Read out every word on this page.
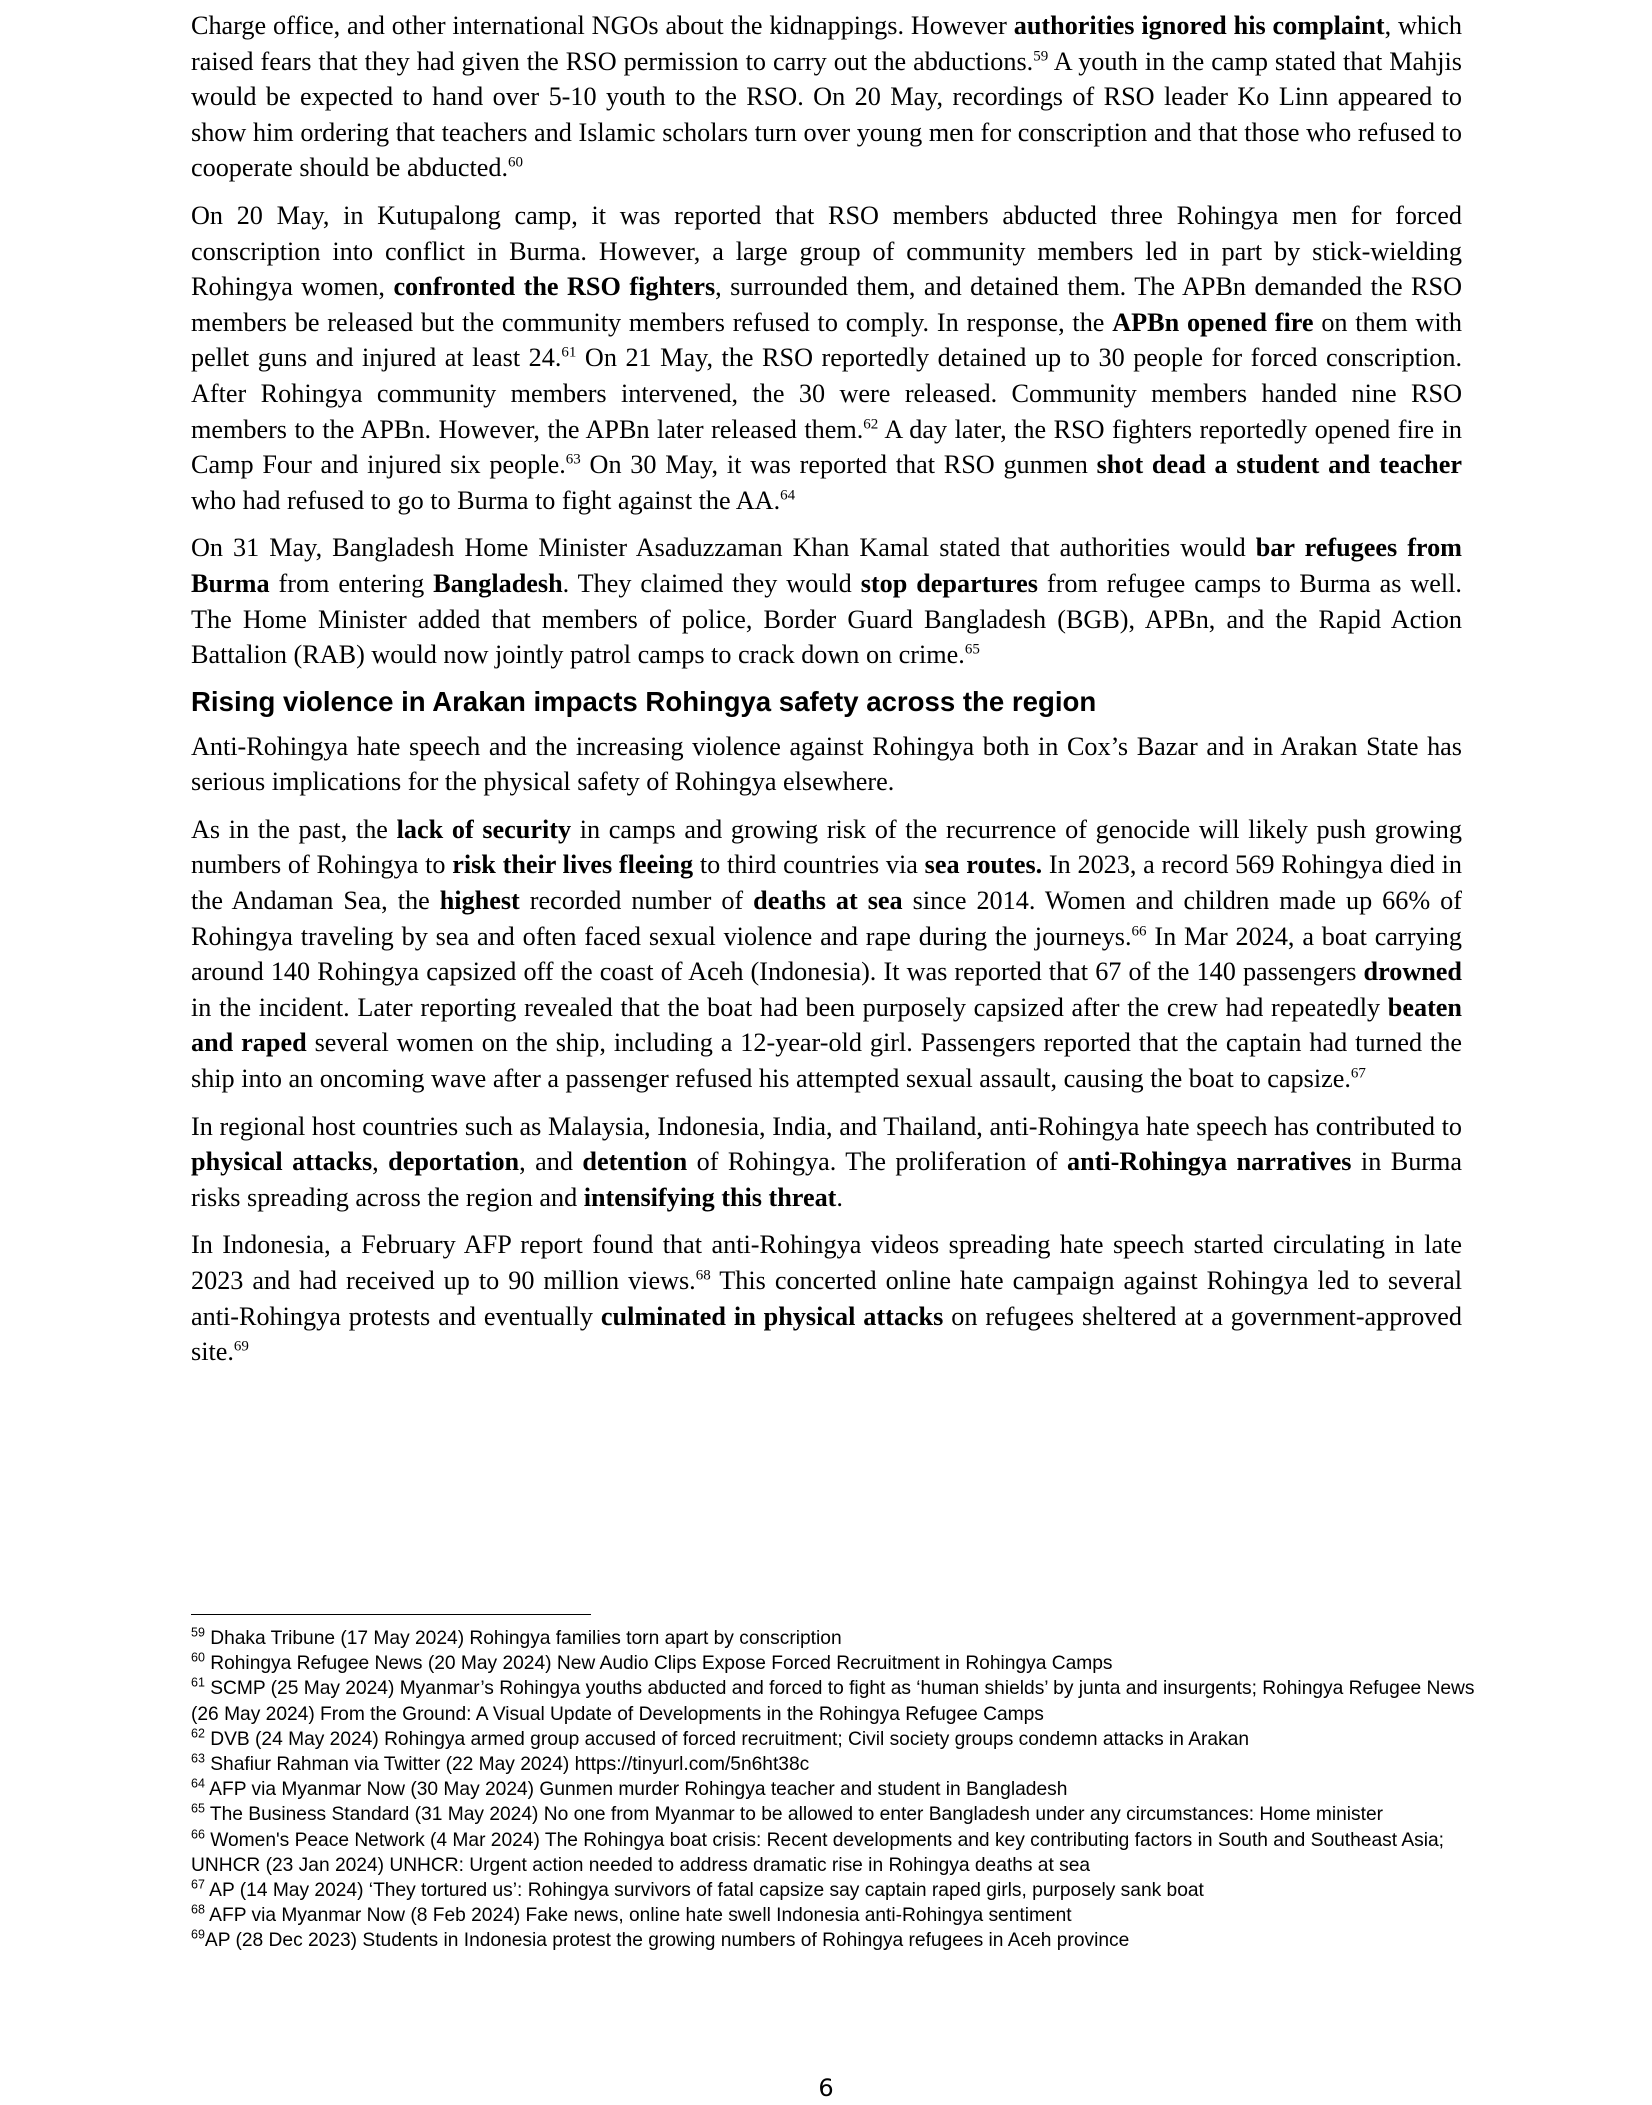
Charge office, and other international NGOs about the kidnappings. However authorities ignored his complaint, which raised fears that they had given the RSO permission to carry out the abductions.$^{59}$ A youth in the camp stated that Mahjis would be expected to hand over 5-10 youth to the RSO. On 20 May, recordings of RSO leader Ko Linn appeared to show him ordering that teachers and Islamic scholars turn over young men for conscription and that those who refused to cooperate should be abducted.$^{60}$

On 20 May, in Kutupalong camp, it was reported that RSO members abducted three Rohingya men for forced conscription into conflict in Burma. However, a large group of community members led in part by stick-wielding Rohingya women, confronted the RSO fighters, surrounded them, and detained them. The APBn demanded the RSO members be released but the community members refused to comply. In response, the APBn opened fire on them with pellet guns and injured at least 24.61 On 21 May, the RSO reportedly detained up to 30 people for forced conscription. After Rohingya community members intervened, the 30 were released. Community members handed nine RSO members to the APBn. However, the APBn later released them.$^{62}$ A day later, the RSO fighters reportedly opened fire in Camp Four and injured six people.$^{63}$ On 30 May, it was reported that RSO gunmen shot dead a student and teacher who had refused to go to Burma to fight against the AA.$^{64}$

On 31 May, Bangladesh Home Minister Asaduzzaman Khan Kamal stated that authorities would bar refugees from Burma from entering Bangladesh. They claimed they would stop departures from refugee camps to Burma as well. The Home Minister added that members of police, Border Guard Bangladesh (BGB), APBn, and the Rapid Action Battalion (RAB) would now jointly patrol camps to crack down on crime.$^{65}$

Rising violence in Arakan impacts Rohingya safety across the region

Anti-Rohingya hate speech and the increasing violence against Rohingya both in Cox’s Bazar and in Arakan State has serious implications for the physical safety of Rohingya elsewhere.

As in the past, the lack of security in camps and growing risk of the recurrence of genocide will likely push growing numbers of Rohingya to risk their lives fleeing to third countries via sea routes. In 2023, a record 569 Rohingya died in the Andaman Sea, the highest recorded number of deaths at sea since 2014. Women and children made up 66% of Rohingya traveling by sea and often faced sexual violence and rape during the journeys.$^{66}$ In Mar 2024, a boat carrying around 140 Rohingya capsized off the coast of Aceh (Indonesia). It was reported that 67 of the 140 passengers drowned in the incident. Later reporting revealed that the boat had been purposely capsized after the crew had repeatedly beaten and raped several women on the ship, including a 12-year-old girl. Passengers reported that the captain had turned the ship into an oncoming wave after a passenger refused his attempted sexual assault, causing the boat to capsize.$^{67}$

In regional host countries such as Malaysia, Indonesia, India, and Thailand, anti-Rohingya hate speech has contributed to physical attacks, deportation, and detention of Rohingya. The proliferation of anti-Rohingya narratives in Burma risks spreading across the region and intensifying this threat.

In Indonesia, a February AFP report found that anti-Rohingya videos spreading hate speech started circulating in late 2023 and had received up to 90 million views.$^{68}$ This concerted online hate campaign against Rohingya led to several anti-Rohingya protests and eventually culminated in physical attacks on refugees sheltered at a government-approved site.$^{69}$

$^{59}$ Dhaka Tribune (17 May 2024) Rohingya families torn apart by conscription

$^{60}$ Rohingya Refugee News (20 May 2024) New Audio Clips Expose Forced Recruitment in Rohingya Camps

$^{61}$ SCMP (25 May 2024) Myanmar’s Rohingya youths abducted and forced to fight as ‘human shields’ by junta and insurgents; Rohingya Refugee News (26 May 2024) From the Ground: A Visual Update of Developments in the Rohingya Refugee Camps

$^{62}$ DVB (24 May 2024) Rohingya armed group accused of forced recruitment; Civil society groups condemn attacks in Arakan

$^{63}$ Shafiur Rahman via Twitter (22 May 2024) https://tinyurl.com/5n6ht38c

$^{64}$ AFP via Myanmar Now (30 May 2024) Gunmen murder Rohingya teacher and student in Bangladesh

$^{65}$ The Business Standard (31 May 2024) No one from Myanmar to be allowed to enter Bangladesh under any circumstances: Home minister

$^{66}$ Women's Peace Network (4 Mar 2024) The Rohingya boat crisis: Recent developments and key contributing factors in South and Southeast Asia; UNHCR (23 Jan 2024) UNHCR: Urgent action needed to address dramatic rise in Rohingya deaths at sea

$^{67}$ AP (14 May 2024) ‘They tortured us’: Rohingya survivors of fatal capsize say captain raped girls, purposely sank boat

$^{68}$ AFP via Myanmar Now (8 Feb 2024) Fake news, online hate swell Indonesia anti-Rohingya sentiment

$^{69}$AP (28 Dec 2023) Students in Indonesia protest the growing numbers of Rohingya refugees in Aceh province

6
